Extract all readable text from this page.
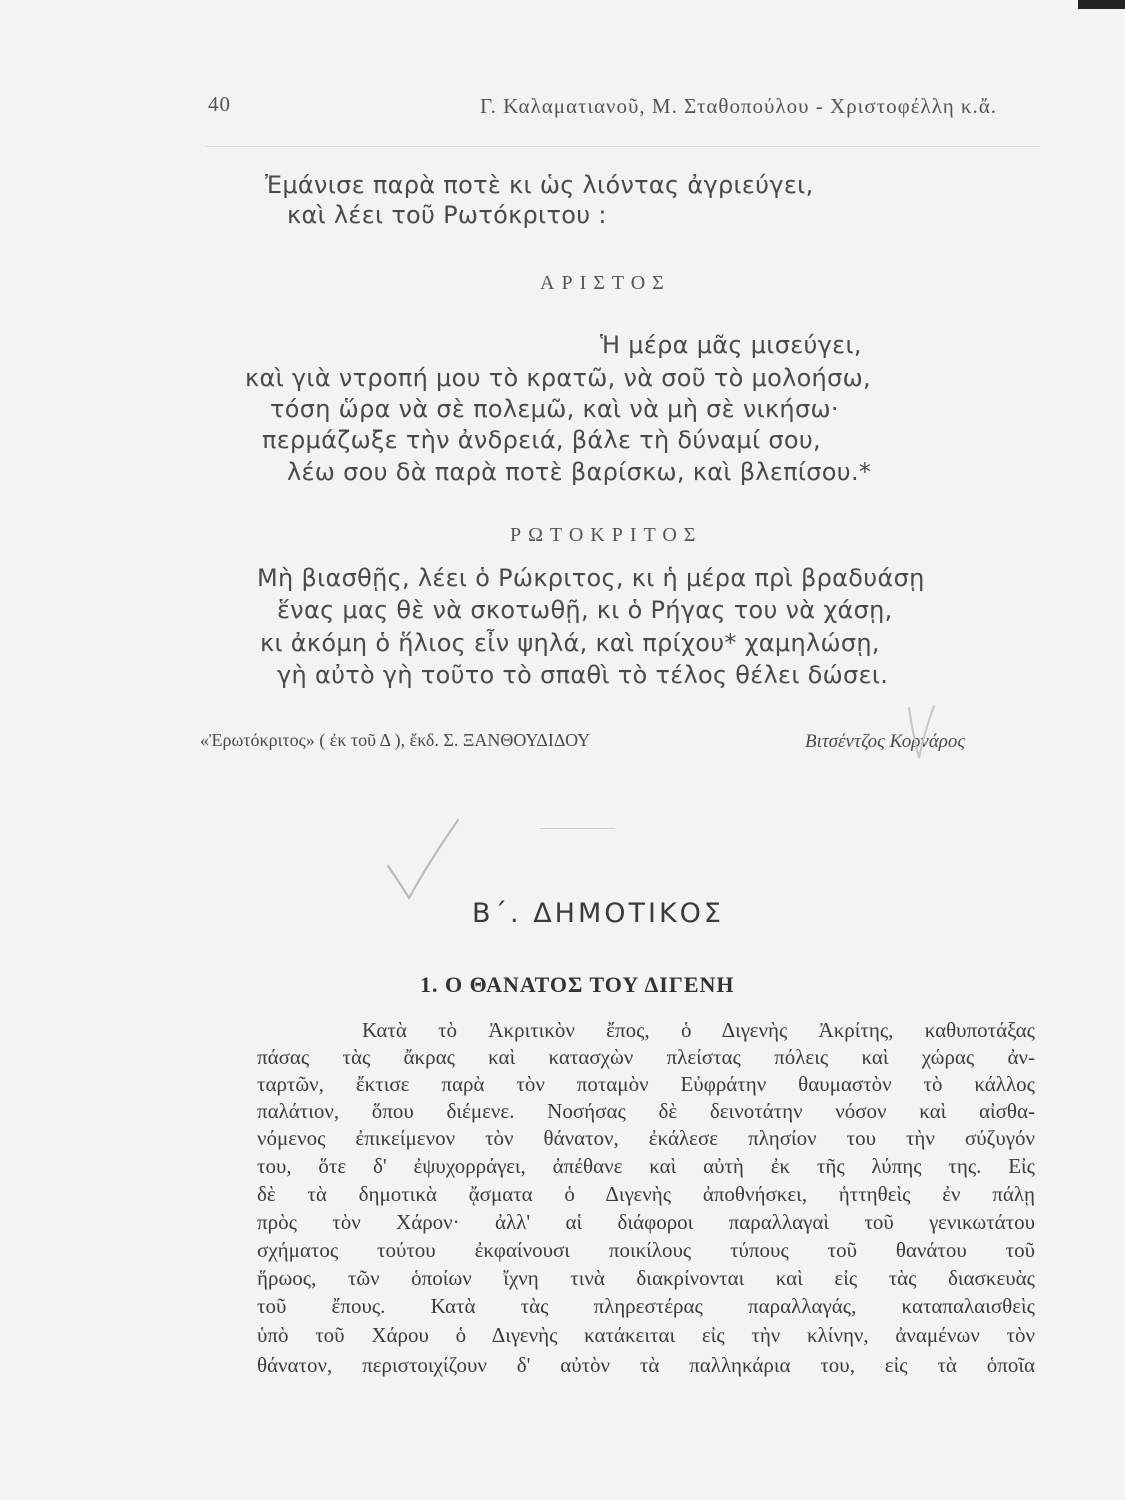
40	Γ. Καλαματιανοῦ, Μ. Σταθοπούλου - Χριστοφέλλη κ.ἄ.
Ἐμάνισε παρὰ ποτὲ κι ὡς λιόντας ἀγριεύγει,
καὶ λέει τοῦ Ρωτόκριτου :
ΑΡΙΣΤΟΣ
Ἡ μέρα μᾶς μισεύγει,
καὶ γιὰ ντροπή μου τὸ κρατῶ, νὰ σοῦ τὸ μολοήσω,
τόση ὥρα νὰ σὲ πολεμῶ, καὶ νὰ μὴ σὲ νικήσω·
περμάζωξε τὴν ἀνδρειά, βάλε τὴ δύναμί σου,
λέω σου δὰ παρὰ ποτὲ βαρίσκω, καὶ βλεπίσου.*
ΡΩΤΟΚΡΙΤΟΣ
Μὴ βιασθῇς, λέει ὁ Ρώκριτος, κι ἡ μέρα πρὶ βραδυάσῃ
ἕνας μας θὲ νὰ σκοτωθῇ, κι ὁ Ρήγας του νὰ χάσῃ,
κι ἀκόμη ὁ ἥλιος εἶν ψηλά, καὶ πρίχου* χαμηλώσῃ,
γὴ αὐτὸ γὴ τοῦτο τὸ σπαθὶ τὸ τέλος θέλει δώσει.
«Ἐρωτόκριτος» ( ἐκ τοῦ Δ ), ἔκδ. Σ. ΞΑΝΘΟΥΔΙΔΟΥ	Βιτσέντζος Κορνάρος
Β΄. ΔΗΜΟΤΙΚΟΣ
1. Ο ΘΑΝΑΤΟΣ ΤΟΥ ΔΙΓΕΝΗ
Κατὰ τὸ Ἀκριτικὸν ἔπος, ὁ Διγενὴς Ἀκρίτης, καθυποτάξας
πάσας τὰς ἄκρας καὶ κατασχὼν πλείστας πόλεις καὶ χώρας ἀν-
ταρτῶν, ἔκτισε παρὰ τὸν ποταμὸν Εὐφράτην θαυμαστὸν τὸ κάλλος
παλάτιον, ὅπου διέμενε. Νοσήσας δὲ δεινοτάτην νόσον καὶ αἰσθα-
νόμενος ἐπικείμενον τὸν θάνατον, ἐκάλεσε πλησίον του τὴν σύζυγόν
του, ὅτε δ' ἐψυχορράγει, ἀπέθανε καὶ αὐτὴ ἐκ τῆς λύπης της. Εἰς
δὲ τὰ δημοτικὰ ᾄσματα ὁ Διγενὴς ἀποθνήσκει, ἡττηθεὶς ἐν πάλῃ
πρὸς τὸν Χάρον· ἀλλ' αἱ διάφοροι παραλλαγαὶ τοῦ γενικωτάτου
σχήματος τούτου ἐκφαίνουσι ποικίλους τύπους τοῦ θανάτου τοῦ
ἥρωος, τῶν ὁποίων ἴχνη τινὰ διακρίνονται καὶ εἰς τὰς διασκευὰς
τοῦ ἔπους. Κατὰ τὰς πληρεστέρας παραλλαγάς, καταπαλαισθεὶς
ὑπὸ τοῦ Χάρου ὁ Διγενὴς κατάκειται εἰς τὴν κλίνην, ἀναμένων τὸν
θάνατον, περιστοιχίζουν δ' αὐτὸν τὰ παλληκάρια του, εἰς τὰ ὁποῖα
